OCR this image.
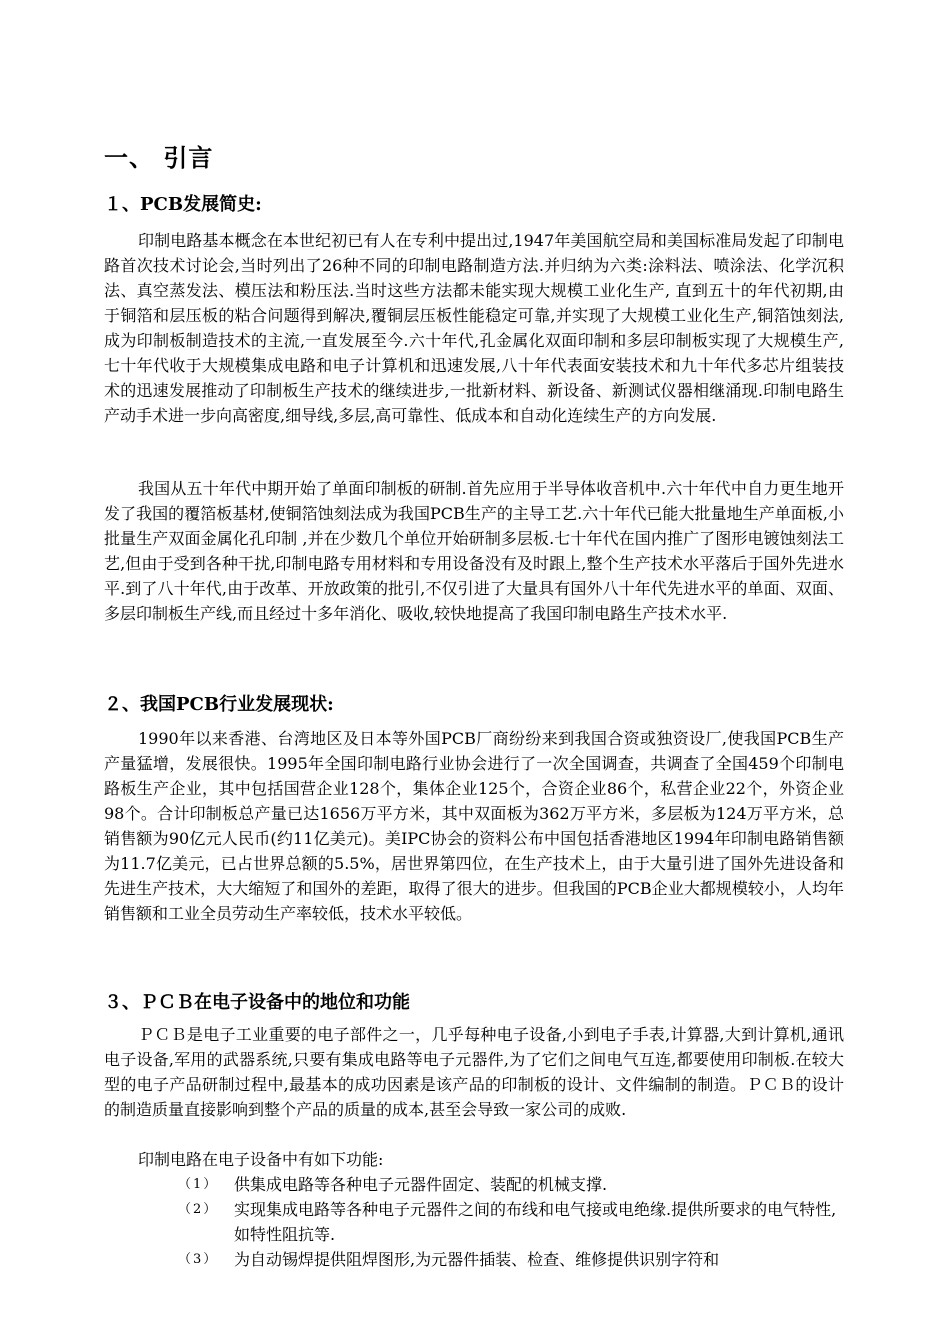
一、 引言
１、PCB发展简史:

印制电路基本概念在本世纪初已有人在专利中提出过,1947年美国航空局和美国标准局发起了印制电路首次技术讨论会,当时列出了26种不同的印制电路制造方法.并归纳为六类:涂料法、喷涂法、化学沉积法、真空蒸发法、模压法和粉压法.当时这些方法都未能实现大规模工业化生产, 直到五十的年代初期,由于铜箔和层压板的粘合问题得到解决,覆铜层压板性能稳定可靠,并实现了大规模工业化生产,铜箔蚀刻法,成为印制板制造技术的主流,一直发展至今.六十年代,孔金属化双面印制和多层印制板实现了大规模生产,七十年代收于大规模集成电路和电子计算机和迅速发展,八十年代表面安装技术和九十年代多芯片组装技术的迅速发展推动了印制板生产技术的继续进步,一批新材料、新设备、新测试仪器相继涌现.印制电路生产动手术进一步向高密度,细导线,多层,高可靠性、低成本和自动化连续生产的方向发展.

我国从五十年代中期开始了单面印制板的研制.首先应用于半导体收音机中.六十年代中自力更生地开发了我国的覆箔板基材,使铜箔蚀刻法成为我国PCB生产的主导工艺.六十年代已能大批量地生产单面板,小批量生产双面金属化孔印制 ,并在少数几个单位开始研制多层板.七十年代在国内推广了图形电镀蚀刻法工艺,但由于受到各种干扰,印制电路专用材料和专用设备没有及时跟上,整个生产技术水平落后于国外先进水平.到了八十年代,由于改革、开放政策的批引,不仅引进了大量具有国外八十年代先进水平的单面、双面、多层印制板生产线,而且经过十多年消化、吸收,较快地提高了我国印制电路生产技术水平.

２、我国PCB行业发展现状:

1990年以来香港、台湾地区及日本等外国PCB厂商纷纷来到我国合资或独资设厂,使我国PCB生产产量猛增，发展很快。1995年全国印制电路行业协会进行了一次全国调查，共调查了全国459个印制电路板生产企业，其中包括国营企业128个，集体企业125个，合资企业86个，私营企业22个，外资企业98个。合计印制板总产量已达1656万平方米，其中双面板为362万平方米，多层板为124万平方米，总销售额为90亿元人民币(约11亿美元)。美IPC协会的资料公布中国包括香港地区1994年印制电路销售额为11.7亿美元，已占世界总额的5.5%，居世界第四位，在生产技术上，由于大量引进了国外先进设备和先进生产技术，大大缩短了和国外的差距，取得了很大的进步。但我国的PCB企业大都规模较小，人均年销售额和工业全员劳动生产率较低，技术水平较低。

３、ＰＣＢ在电子设备中的地位和功能

ＰＣＢ是电子工业重要的电子部件之一，几乎每种电子设备,小到电子手表,计算器,大到计算机,通讯电子设备,军用的武器系统,只要有集成电路等电子元器件,为了它们之间电气互连,都要使用印制板.在较大型的电子产品研制过程中,最基本的成功因素是该产品的印制板的设计、文件编制的制造。ＰＣＢ的设计的制造质量直接影响到整个产品的质量的成本,甚至会导致一家公司的成败.

印制电路在电子设备中有如下功能:

（1） 供集成电路等各种电子元器件固定、装配的机械支撑.
（2） 实现集成电路等各种电子元器件之间的布线和电气接或电绝缘.提供所要求的电气特性,如特性阻抗等.
（3） 为自动锡焊提供阻焊图形,为元器件插装、检查、维修提供识别字符和
